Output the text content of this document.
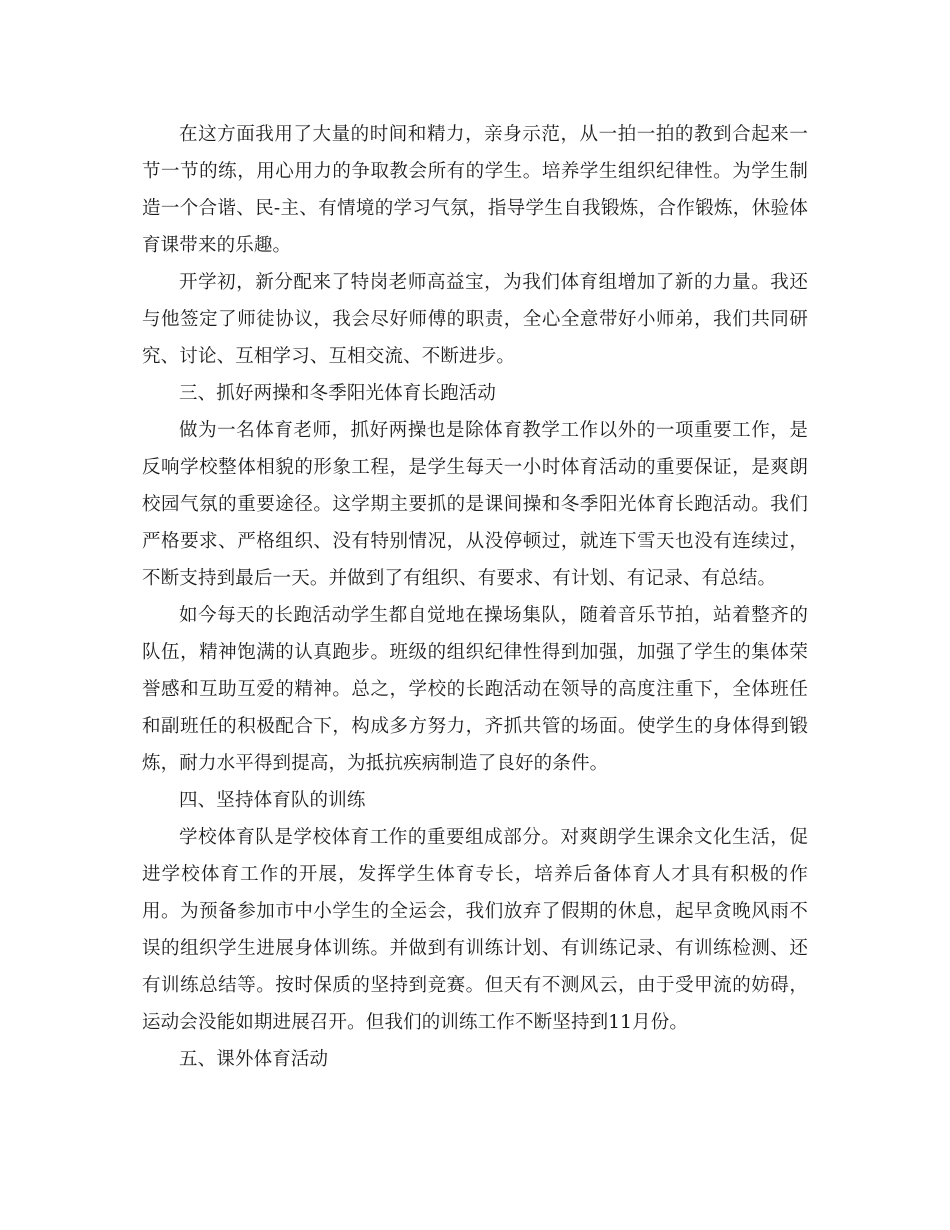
在这方面我用了大量的时间和精力，亲身示范，从一拍一拍的教到合起来一节一节的练，用心用力的争取教会所有的学生。培养学生组织纪律性。为学生制造一个合谐、民-主、有情境的学习气氛，指导学生自我锻炼，合作锻炼，休验体育课带来的乐趣。

开学初，新分配来了特岗老师高益宝，为我们体育组增加了新的力量。我还与他签定了师徒协议，我会尽好师傅的职责，全心全意带好小师弟，我们共同研究、讨论、互相学习、互相交流、不断进步。

三、抓好两操和冬季阳光体育长跑活动

做为一名体育老师，抓好两操也是除体育教学工作以外的一项重要工作，是反响学校整体相貌的形象工程，是学生每天一小时体育活动的重要保证，是爽朗校园气氛的重要途径。这学期主要抓的是课间操和冬季阳光体育长跑活动。我们严格要求、严格组织、没有特别情况，从没停顿过，就连下雪天也没有连续过，不断支持到最后一天。并做到了有组织、有要求、有计划、有记录、有总结。

如今每天的长跑活动学生都自觉地在操场集队，随着音乐节拍，站着整齐的队伍，精神饱满的认真跑步。班级的组织纪律性得到加强，加强了学生的集体荣誉感和互助互爱的精神。总之，学校的长跑活动在领导的高度注重下，全体班任和副班任的积极配合下，构成多方努力，齐抓共管的场面。使学生的身体得到锻炼，耐力水平得到提高，为抵抗疾病制造了良好的条件。

四、坚持体育队的训练

学校体育队是学校体育工作的重要组成部分。对爽朗学生课余文化生活，促进学校体育工作的开展，发挥学生体育专长，培养后备体育人才具有积极的作用。为预备参加市中小学生的全运会，我们放弃了假期的休息，起早贪晚风雨不误的组织学生进展身体训练。并做到有训练计划、有训练记录、有训练检测、还有训练总结等。按时保质的坚持到竞赛。但天有不测风云，由于受甲流的妨碍，运动会没能如期进展召开。但我们的训练工作不断坚持到11月份。

五、课外体育活动
